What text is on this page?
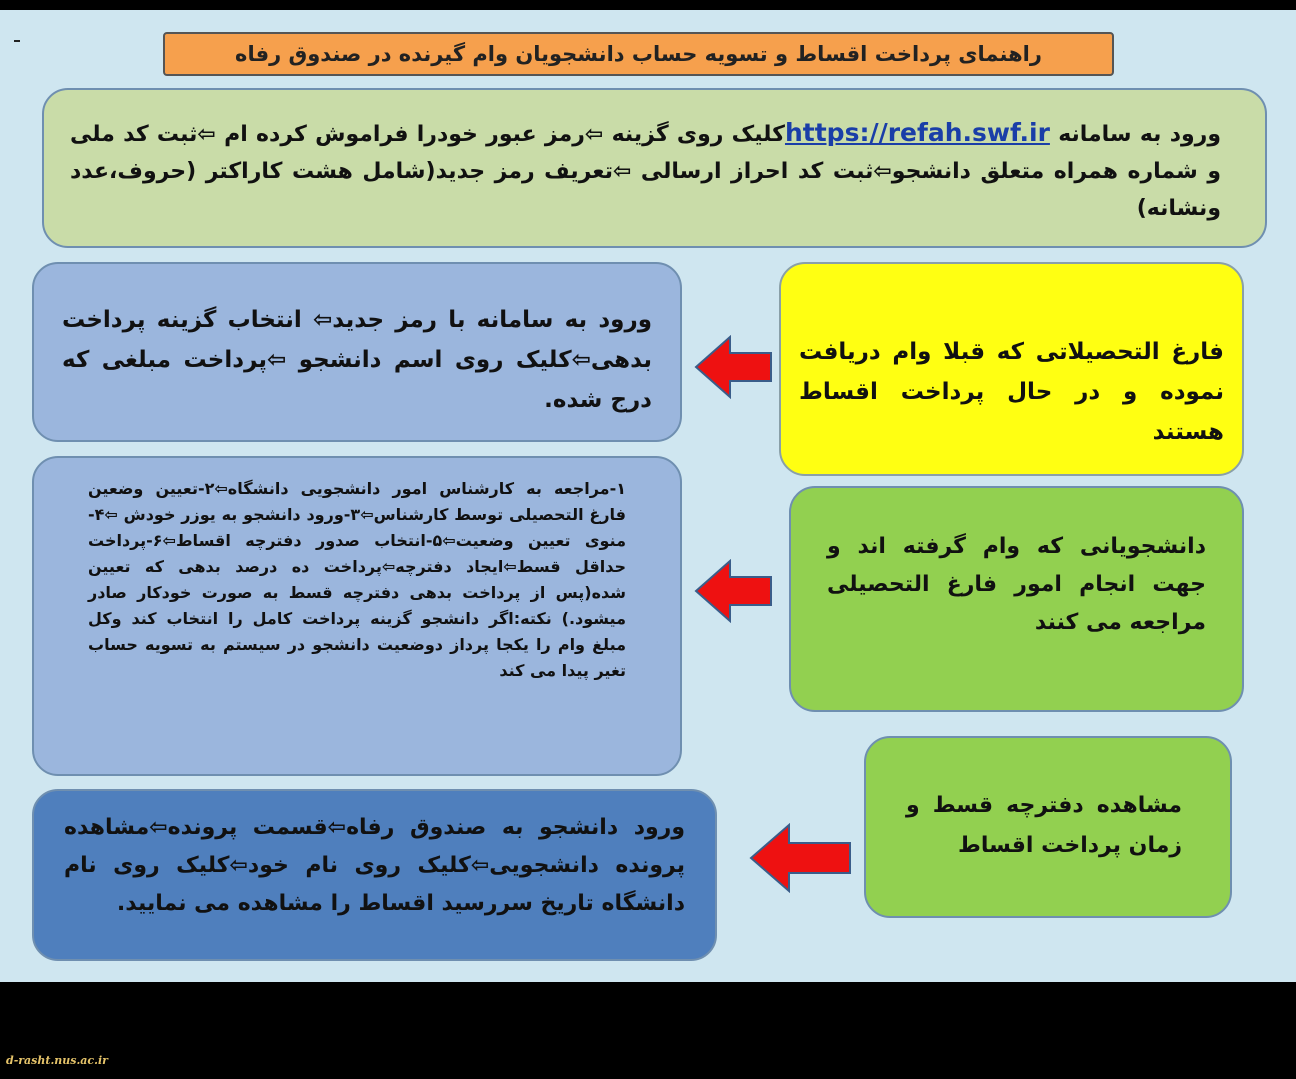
راهنمای پرداخت اقساط و تسویه حساب دانشجویان وام گیرنده در صندوق رفاه
ورود به سامانه https://refah.swf.irکلیک روی گزینه ⇦رمز عبور خودرا فراموش کرده ام ⇦ثبت کد ملی و شماره همراه متعلق دانشجو⇦ثبت کد احراز ارسالی ⇦تعریف رمز جدید(شامل هشت کاراکتر (حروف،عدد ونشانه)
فارغ التحصیلاتی که قبلا وام دریافت نموده و در حال پرداخت اقساط هستند
ورود به سامانه با رمز جدید⇦ انتخاب گزینه پرداخت بدهی⇦کلیک روی اسم دانشجو ⇦پرداخت مبلغی که درج شده.
دانشجویانی که وام گرفته اند و جهت انجام امور فارغ التحصیلی مراجعه می کنند
۱-مراجعه به کارشناس امور دانشجویی دانشگاه⇦۲-تعیین وضعین فارغ التحصیلی توسط کارشناس⇦۳-ورود دانشجو به یوزر خودش ⇦۴-منوی تعیین وضعیت⇦۵-انتخاب صدور دفترچه اقساط⇦۶-پرداخت حداقل قسط⇦ایجاد دفترچه⇦پرداخت ده درصد بدهی که تعیین شده(پس از پرداخت بدهی دفترچه قسط به صورت خودکار صادر میشود.) نکته:اگر دانشجو گزینه پرداخت کامل را انتخاب کند وکل مبلغ وام را یکجا پرداز دوضعیت دانشجو در سیستم به تسویه حساب تغیر پیدا می کند
مشاهده دفترچه قسط و زمان پرداخت اقساط
ورود دانشجو به صندوق رفاه⇦قسمت پرونده⇦مشاهده پرونده دانشجویی⇦کلیک روی نام خود⇦کلیک روی نام دانشگاه تاریخ سررسید اقساط را مشاهده می نمایید.
d-rasht.nus.ac.ir
